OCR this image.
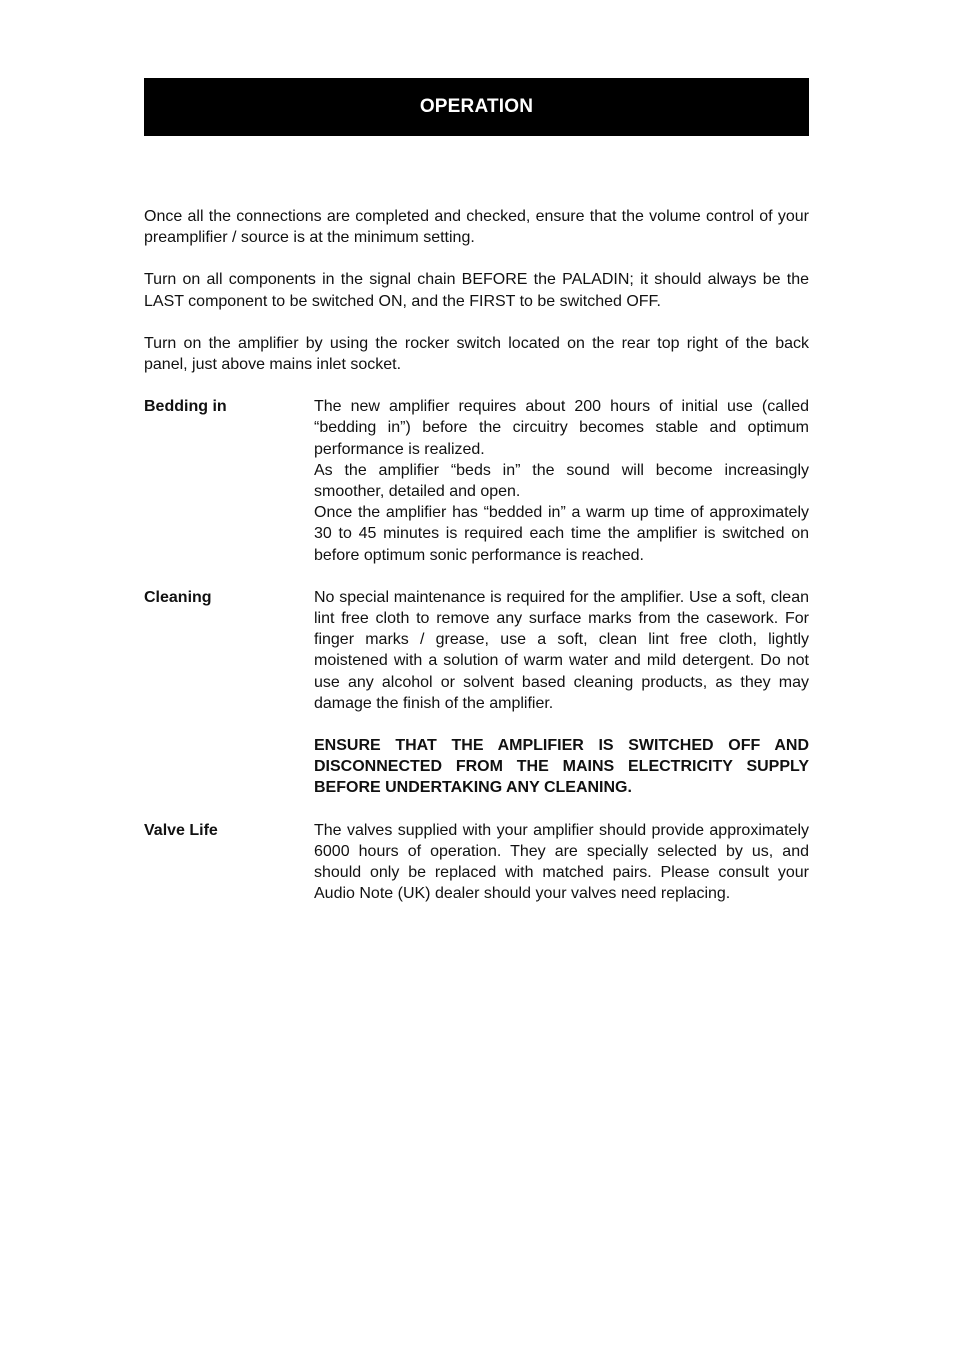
OPERATION

Once all the connections are completed and checked, ensure that the volume control of your preamplifier / source is at the minimum setting.

Turn on all components in the signal chain BEFORE the PALADIN; it should always be the LAST component to be switched ON, and the FIRST to be switched OFF.

Turn on the amplifier by using the rocker switch located on the rear top right of the back panel, just above mains inlet socket.

Bedding in	The new amplifier requires about 200 hours of initial use (called “bedding in”) before the circuitry becomes stable and optimum performance is realized.

As the amplifier “beds in” the sound will become increasingly smoother, detailed and open.

Once the amplifier has “bedded in” a warm up time of approximately 30 to 45 minutes is required each time the amplifier is switched on before optimum sonic performance is reached.

Cleaning	No special maintenance is required for the amplifier. Use a soft, clean lint free cloth to remove any surface marks from the casework. For finger marks / grease, use a soft, clean lint free cloth, lightly moistened with a solution of warm water and mild detergent. Do not use any alcohol or solvent based cleaning products, as they may damage the finish of the amplifier.

ENSURE THAT THE AMPLIFIER IS SWITCHED OFF AND DISCONNECTED FROM THE MAINS ELECTRICITY SUPPLY BEFORE UNDERTAKING ANY CLEANING.

Valve Life	The valves supplied with your amplifier should provide approximately 6000 hours of operation. They are specially selected by us, and should only be replaced with matched pairs. Please consult your Audio Note (UK) dealer should your valves need replacing.
